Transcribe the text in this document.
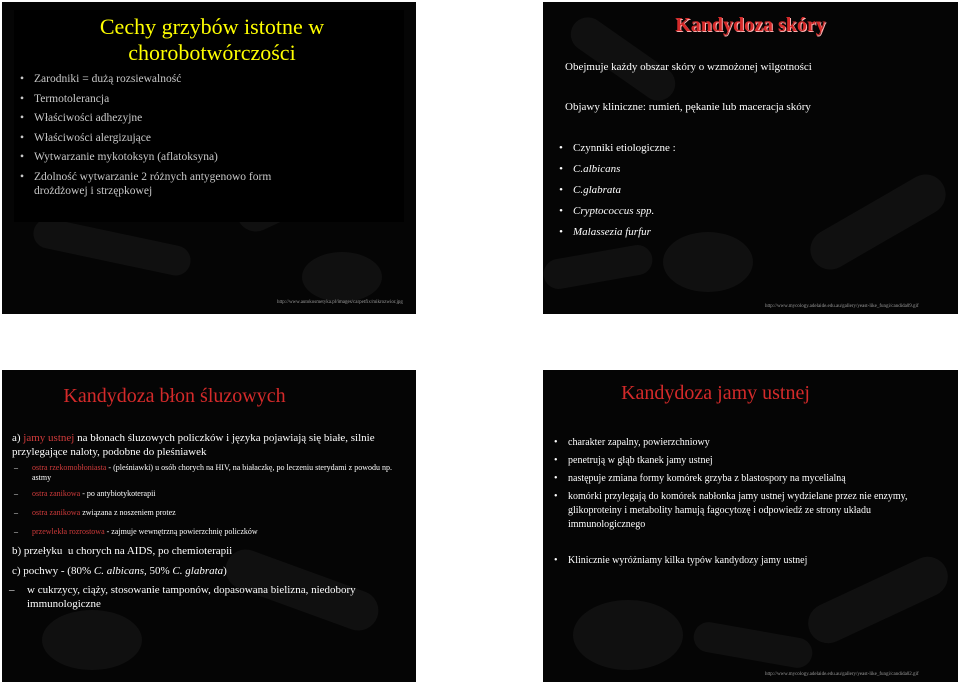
Cechy grzybów istotne w chorobotwórczości
• Zarodniki = dużą rozsiewalność
• Termotolerancja
• Właściwości adhezyjne
• Właściwości alergizujące
• Wytwarzanie mykotoksyn (aflatoksyna)
• Zdolność wytwarzanie 2 różnych antygenowo form drożdżowej i strzępkowej
http://www.autokosmetyka.pl/images/carpetfix/mikrozwior.jpg
Kandydoza skóry
Obejmuje każdy obszar skóry o wzmożonej wilgotności
Objawy kliniczne: rumień, pękanie lub maceracja skóry
• Czynniki etiologiczne :
• C.albicans
• C.glabrata
• Cryptococcus spp.
• Malassezia furfur
http://www.mycology.adelaide.edu.au/gallery/yeast-like_fungi/candida09.gif
Kandydoza błon śluzowych
a) jamy ustnej na błonach śluzowych policzków i języka pojawiają się białe, silnie przylegające naloty, podobne do pleśniawek
– ostra rzekomobłoniasta - (pleśniawki) u osób chorych na HIV, na białaczkę, po leczeniu sterydami z powodu np. astmy
– ostra zanikowa - po antybiotykoterapii
– ostra zanikowa związana z noszeniem protez
– przewlekła rozrostowa - zajmuje wewnętrzną powierzchnię policzków
b) przełyku  u chorych na AIDS, po chemioterapii
c) pochwy - (80% C. albicans, 50% C. glabrata)
– w cukrzycy, ciąży, stosowanie tamponów, dopasowana bielizna, niedobory immunologiczne
Kandydoza jamy ustnej
• charakter zapalny, powierzchniowy
• penetrują w głąb tkanek jamy ustnej
• następuje zmiana formy komórek grzyba z blastospory na mycelialną
• komórki przylegają do komórek nabłonka jamy ustnej wydzielane przez nie enzymy, glikoproteiny i metabolity hamują fagocytozę i odpowiedź ze strony układu immunologicznego
• Klinicznie wyróżniamy kilka typów kandydozy jamy ustnej
http://www.mycology.adelaide.edu.au/gallery/yeast-like_fungi/candida02.gif
